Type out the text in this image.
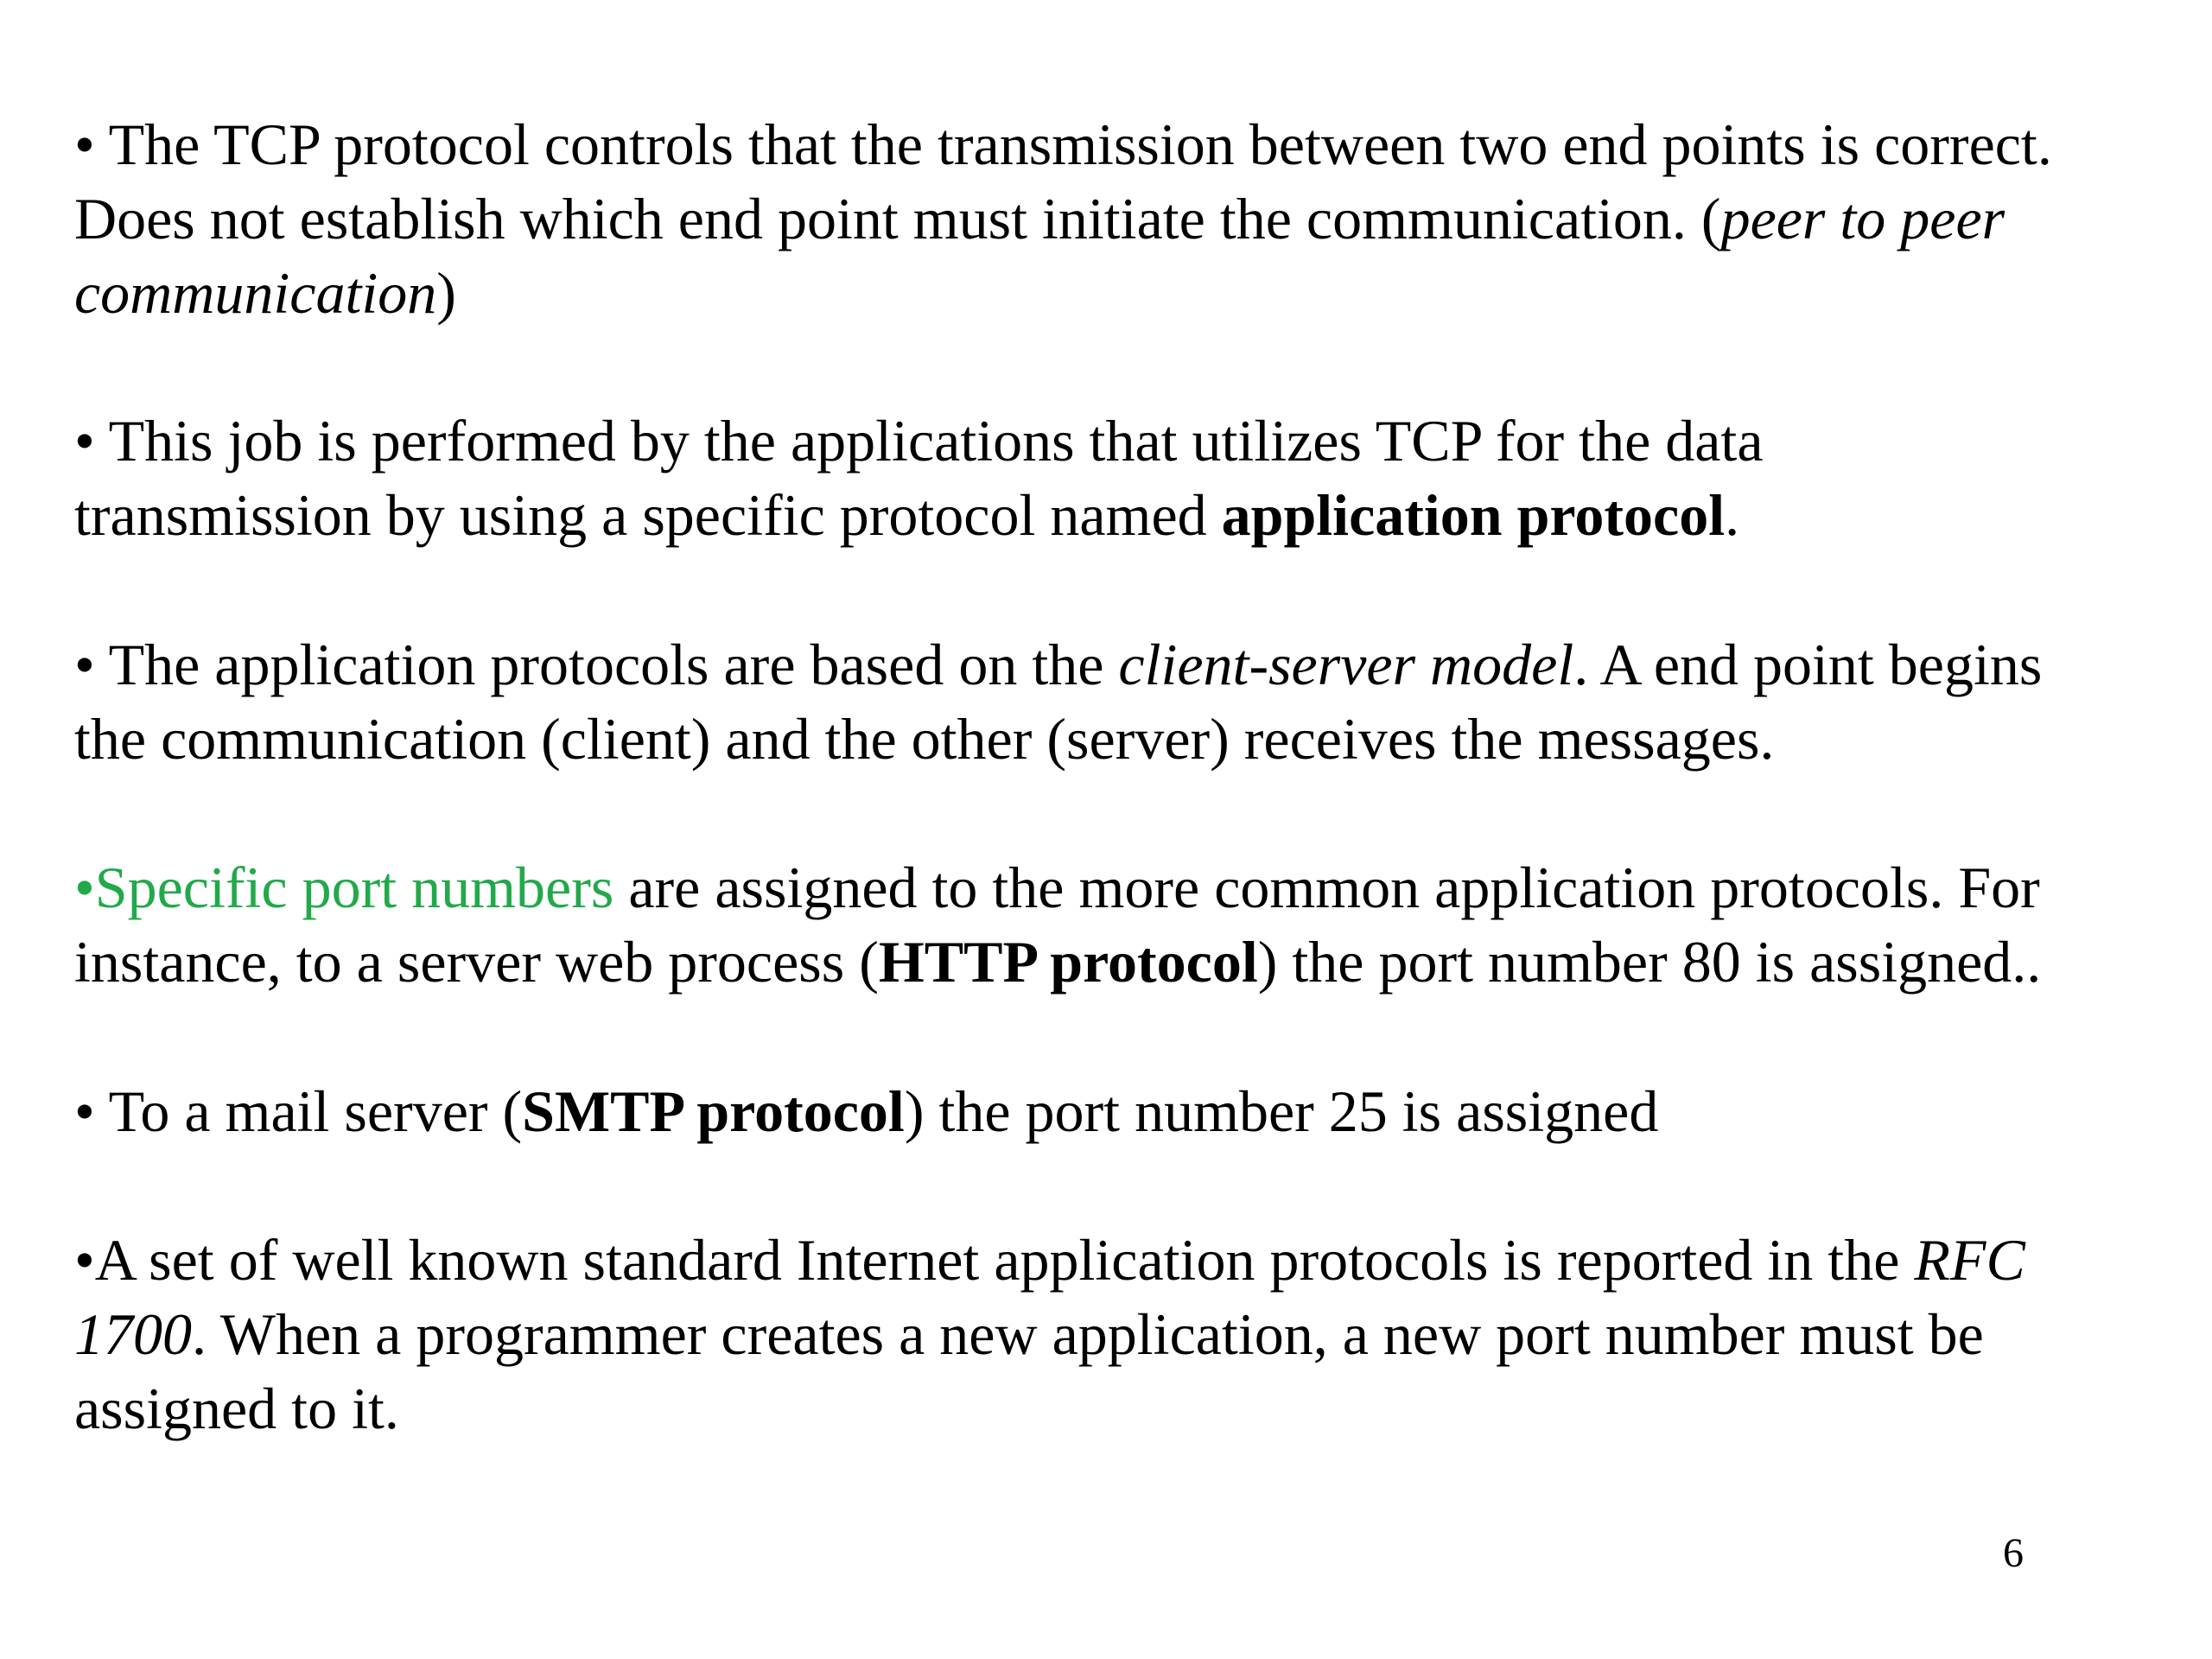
• The TCP protocol controls that the transmission between two end points is correct.
Does not establish which end point must initiate the communication. (peer to peer
communication)
• This job is performed by the applications that utilizes TCP for the data
transmission by using a specific protocol named application protocol.
• The application protocols are based on the client-server model. A end point begins
the communication (client) and the other (server) receives the messages.
•Specific port numbers are assigned to the more common application protocols. For
instance, to a server web process (HTTP protocol) the port number 80 is assigned..
• To a mail server (SMTP protocol) the port number 25 is assigned
•A set of well known standard Internet application protocols is reported in the RFC
1700. When a programmer creates a new application, a new port number must be
assigned to it.
6
